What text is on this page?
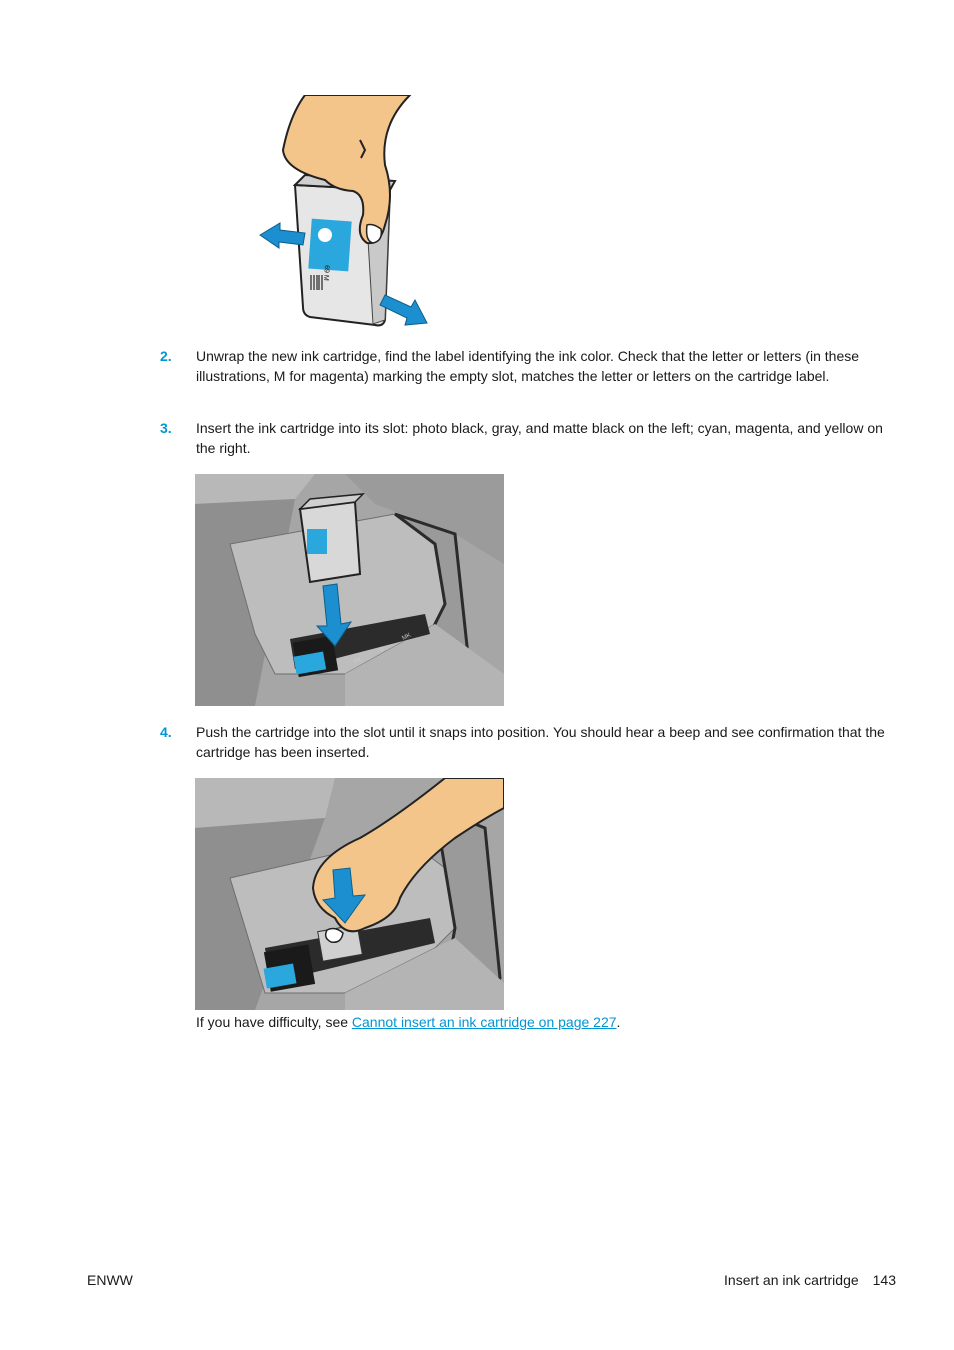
69 M
2. Unwrap the new ink cartridge, find the label identifying the ink color. Check that the letter or letters (in these illustrations, M for magenta) marking the empty slot, matches the letter or letters on the cartridge label.
3. Insert the ink cartridge into its slot: photo black, gray, and matte black on the left; cyan, magenta, and yellow on the right.
PK
G
MK
4. Push the cartridge into the slot until it snaps into position. You should hear a beep and see confirmation that the cartridge has been inserted.
If you have difficulty, see Cannot insert an ink cartridge on page 227.
ENWW	Insert an ink cartridge 143
